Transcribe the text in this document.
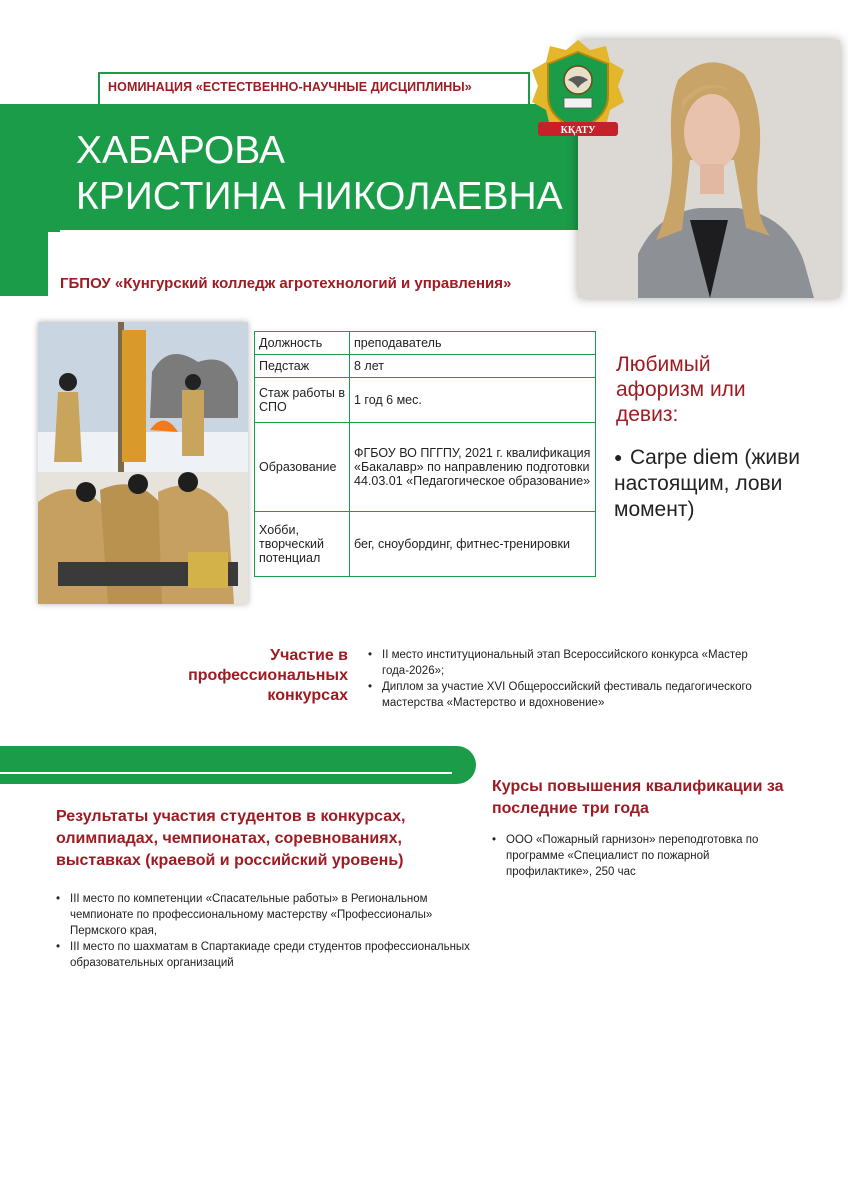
НОМИНАЦИЯ «ЕСТЕСТВЕННО-НАУЧНЫЕ ДИСЦИПЛИНЫ»
ХАБАРОВА
КРИСТИНА НИКОЛАЕВНА
ГБПОУ «Кунгурский колледж агротехнологий и управления»
КҚАТУ
Должность	преподаватель
Педстаж	8 лет
Стаж работы в СПО	1 год 6 мес.
Образование	ФГБОУ ВО ПГГПУ, 2021 г. квалификация «Бакалавр» по направлению подготовки 44.03.01 «Педагогическое образование»
Хобби, творческий потенциал	бег, сноубординг, фитнес-тренировки
Любимый афоризм или девиз:
● Carpe diem (живи настоящим, лови момент)
Участие в профессиональных конкурсах
• II место институциональный этап Всероссийского конкурса «Мастер года-2026»;
• Диплом за участие XVI Общероссийский фестиваль педагогического мастерства «Мастерство и вдохновение»
Курсы повышения квалификации за последние три года
• ООО «Пожарный гарнизон» переподготовка по программе «Специалист по пожарной профилактике», 250 час
Результаты участия студентов в конкурсах, олимпиадах, чемпионатах, соревнованиях, выставках (краевой и российский уровень)
• III место по компетенции «Спасательные работы» в Региональном чемпионате по профессиональному мастерству «Профессионалы» Пермского края,
• III место по шахматам в Спартакиаде среди студентов профессиональных образовательных организаций
